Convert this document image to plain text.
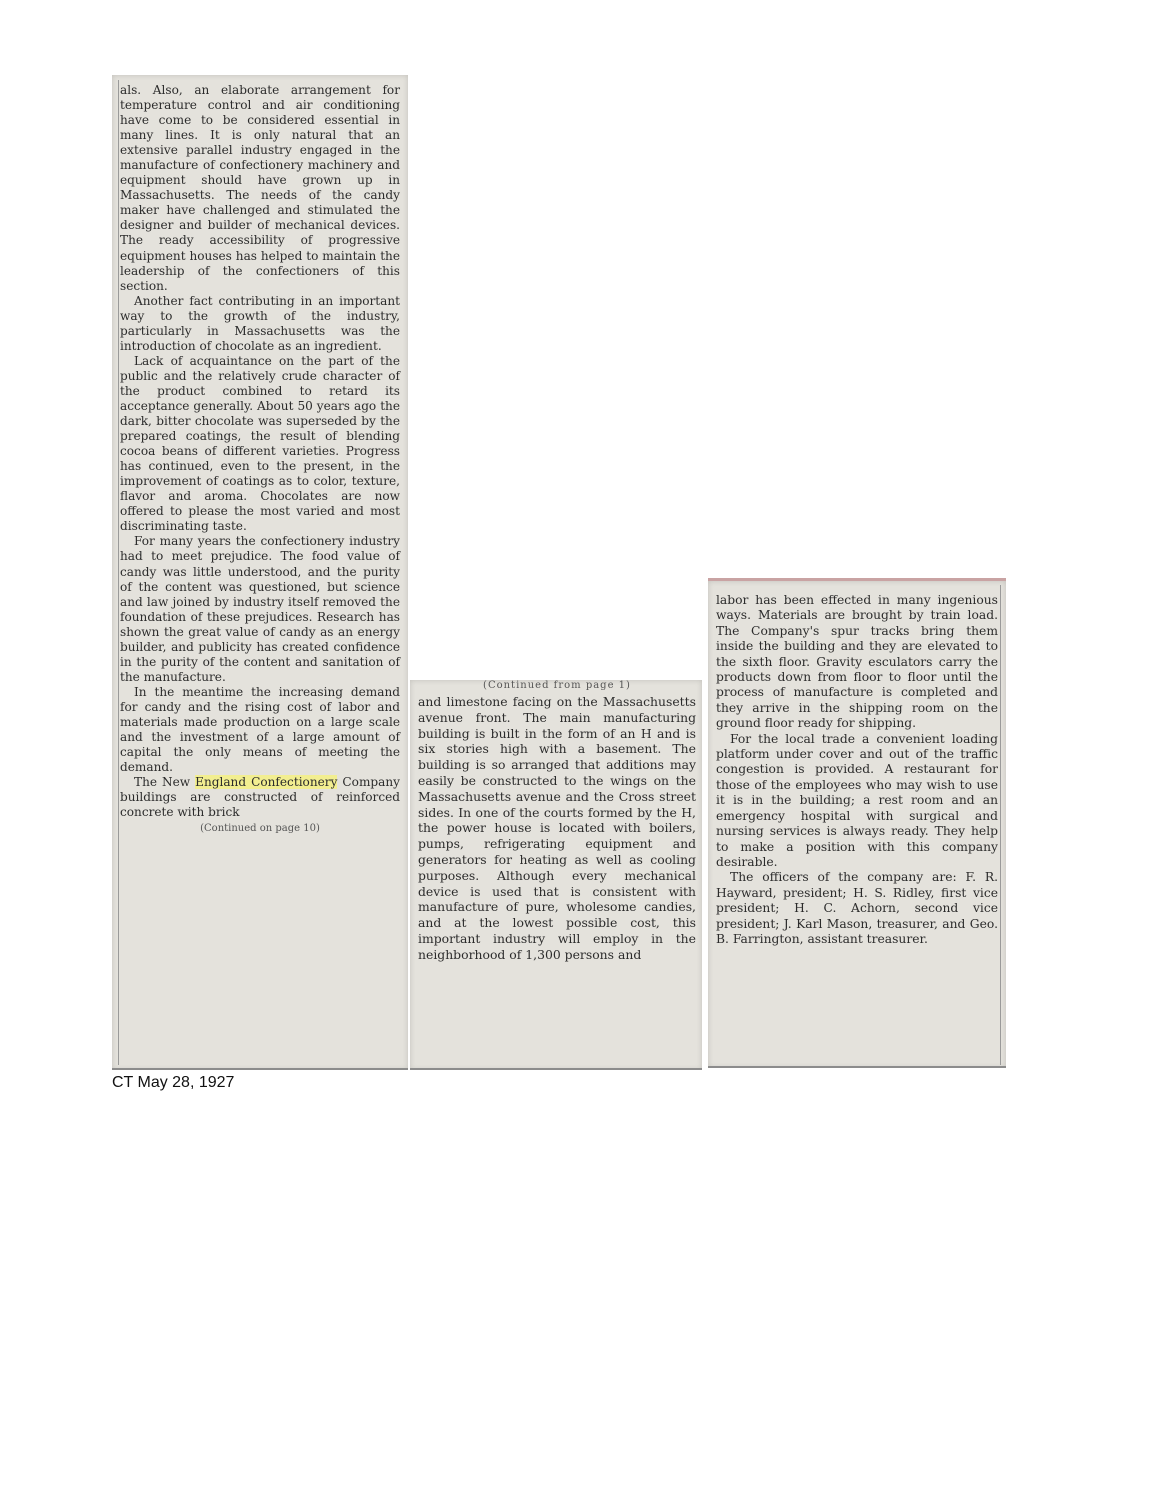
als. Also, an elaborate arrangement for temperature control and air conditioning have come to be considered essential in many lines. It is only natural that an extensive parallel industry engaged in the manufacture of confectionery machinery and equipment should have grown up in Massachusetts. The needs of the candy maker have challenged and stimulated the designer and builder of mechanical devices. The ready accessibility of progressive equipment houses has helped to maintain the leadership of the confectioners of this section.

Another fact contributing in an important way to the growth of the industry, particularly in Massachusetts was the introduction of chocolate as an ingredient.

Lack of acquaintance on the part of the public and the relatively crude character of the product combined to retard its acceptance generally. About 50 years ago the dark, bitter chocolate was superseded by the prepared coatings, the result of blending cocoa beans of different varieties. Progress has continued, even to the present, in the improvement of coatings as to color, texture, flavor and aroma. Chocolates are now offered to please the most varied and most discriminating taste.

For many years the confectionery industry had to meet prejudice. The food value of candy was little understood, and the purity of the content was questioned, but science and law joined by industry itself removed the foundation of these prejudices. Research has shown the great value of candy as an energy builder, and publicity has created confidence in the purity of the content and sanitation of the manufacture.

In the meantime the increasing demand for candy and the rising cost of labor and materials made production on a large scale and the investment of a large amount of capital the only means of meeting the demand.

The New England Confectionery Company buildings are constructed of reinforced concrete with brick

(Continued on page 10)
(Continued from page 1)

and limestone facing on the Massachusetts avenue front. The main manufacturing building is built in the form of an H and is six stories high with a basement. The building is so arranged that additions may easily be constructed to the wings on the Massachusetts avenue and the Cross street sides. In one of the courts formed by the H, the power house is located with boilers, pumps, refrigerating equipment and generators for heating as well as cooling purposes. Although every mechanical device is used that is consistent with manufacture of pure, wholesome candies, and at the lowest possible cost, this important industry will employ in the neighborhood of 1,300 persons and

labor has been effected in many ingenious ways. Materials are brought by train load. The Company's spur tracks bring them inside the building and they are elevated to the sixth floor. Gravity esculators carry the products down from floor to floor until the process of manufacture is completed and they arrive in the shipping room on the ground floor ready for shipping.

For the local trade a convenient loading platform under cover and out of the traffic congestion is provided. A restaurant for those of the employees who may wish to use it is in the building; a rest room and an emergency hospital with surgical and nursing services is always ready. They help to make a position with this company desirable.

The officers of the company are: F. R. Hayward, president; H. S. Ridley, first vice president; H. C. Achorn, second vice president; J. Karl Mason, treasurer, and Geo. B. Farrington, assistant treasurer.

CT May 28, 1927
